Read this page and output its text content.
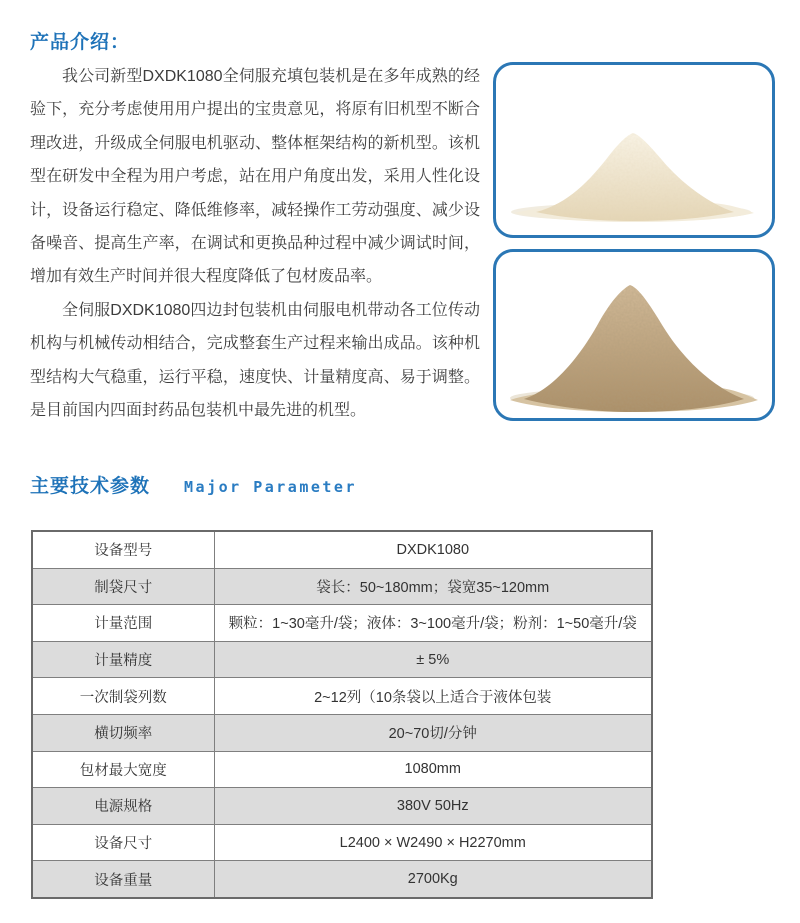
产品介绍：

我公司新型DXDK1080全伺服充填包装机是在多年成熟的经验下，充分考虑使用用户提出的宝贵意见，将原有旧机型不断合理改进，升级成全伺服电机驱动、整体框架结构的新机型。该机型在研发中全程为用户考虑，站在用户角度出发，采用人性化设计，设备运行稳定、降低维修率，减轻操作工劳动强度、减少设备噪音、提高生产率，在调试和更换品种过程中减少调试时间，增加有效生产时间并很大程度降低了包材废品率。

全伺服DXDK1080四边封包装机由伺服电机带动各工位传动机构与机械传动相结合，完成整套生产过程来输出成品。该种机型结构大气稳重，运行平稳，速度快、计量精度高、易于调整。是目前国内四面封药品包装机中最先进的机型。

主要技术参数 Major Parameter
设备型号	DXDK1080
制袋尺寸	袋长：50~180mm；袋宽35~120mm
计量范围	颗粒：1~30毫升/袋；液体：3~100毫升/袋；粉剂：1~50毫升/袋
计量精度	± 5%
一次制袋列数	2~12列（10条袋以上适合于液体包装
横切频率	20~70切/分钟
包材最大宽度	1080mm
电源规格	380V 50Hz
设备尺寸	L2400 × W2490 × H2270mm
设备重量	2700Kg
